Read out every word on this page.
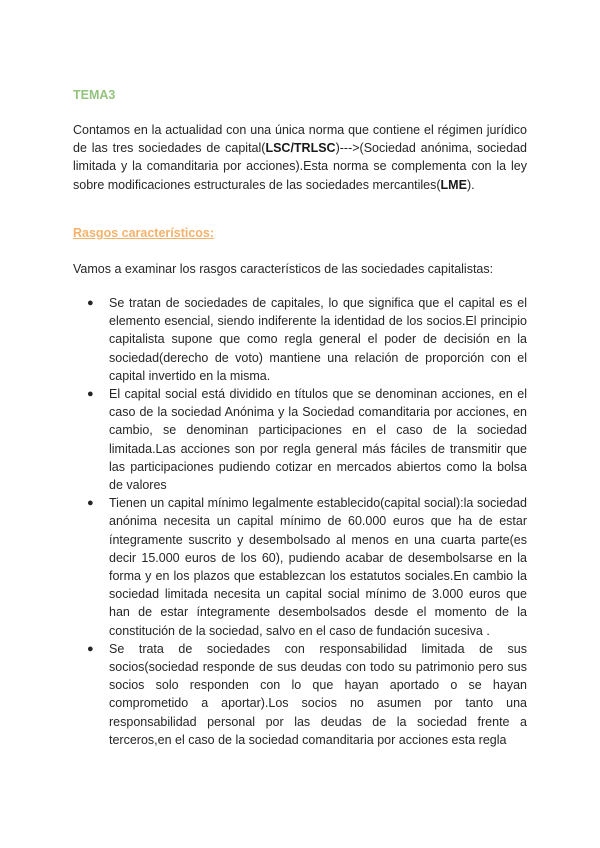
TEMA3

Contamos en la actualidad con una única norma que contiene el régimen jurídico de las tres sociedades de capital(LSC/TRLSC)--->(Sociedad anónima, sociedad limitada y la comanditaria por acciones).Esta norma se complementa con la ley sobre modificaciones estructurales de las sociedades mercantiles(LME).

Rasgos característicos:

Vamos a examinar los rasgos característicos de las sociedades capitalistas:

● Se tratan de sociedades de capitales, lo que significa que el capital es el elemento esencial, siendo indiferente la identidad de los socios.El principio capitalista supone que como regla general el poder de decisión en la sociedad(derecho de voto) mantiene una relación de proporción con el capital invertido en la misma.
● El capital social está dividido en títulos que se denominan acciones, en el caso de la sociedad Anónima y la Sociedad comanditaria por acciones, en cambio, se denominan participaciones en el caso de la sociedad limitada.Las acciones son por regla general más fáciles de transmitir que las participaciones pudiendo cotizar en mercados abiertos como la bolsa de valores
● Tienen un capital mínimo legalmente establecido(capital social):la sociedad anónima necesita un capital mínimo de 60.000 euros que ha de estar íntegramente suscrito y desembolsado al menos en una cuarta parte(es decir 15.000 euros de los 60), pudiendo acabar de desembolsarse en la forma y en los plazos que establezcan los estatutos sociales.En cambio la sociedad limitada necesita un capital social mínimo de 3.000 euros que han de estar íntegramente desembolsados desde el momento de la constitución de la sociedad, salvo en el caso de fundación sucesiva .
● Se trata de sociedades con responsabilidad limitada de sus socios(sociedad responde de sus deudas con todo su patrimonio pero sus socios solo responden con lo que hayan aportado o se hayan comprometido a aportar).Los socios no asumen por tanto una responsabilidad personal por las deudas de la sociedad frente a terceros,en el caso de la sociedad comanditaria por acciones esta regla
